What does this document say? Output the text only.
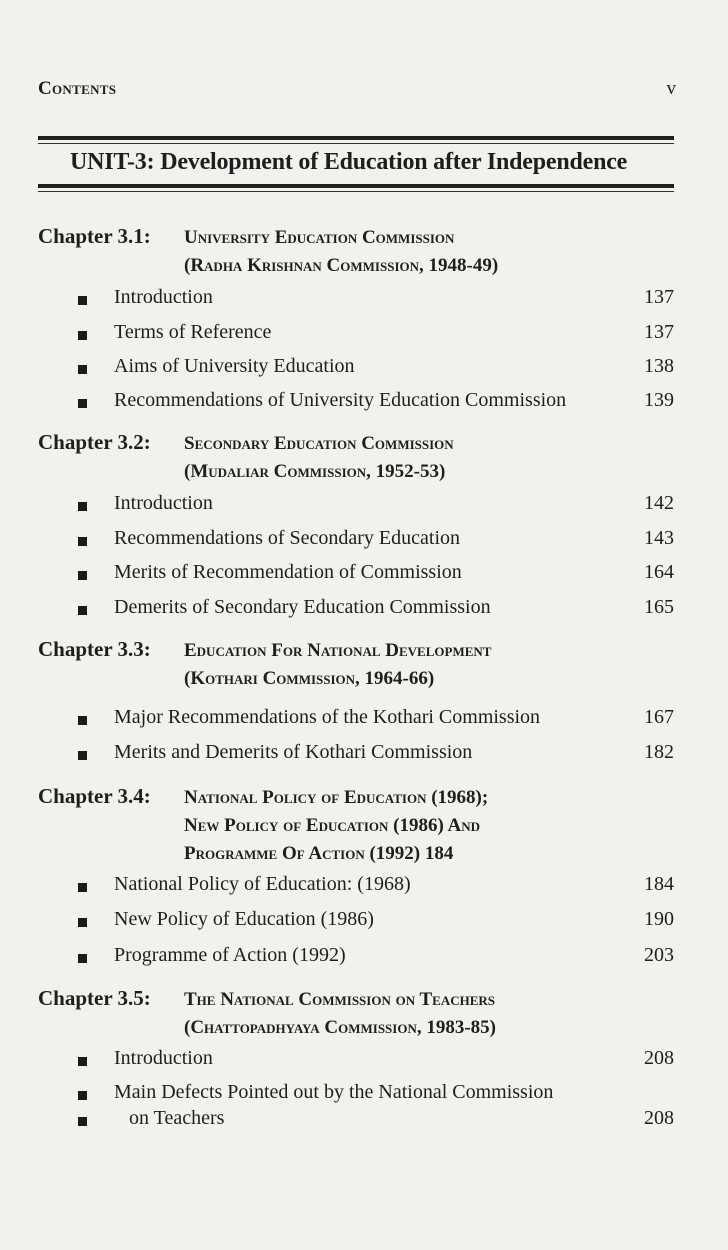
Contents	v
UNIT-3: Development of Education after Independence
Chapter 3.1: University Education Commission
(Radha Krishnan Commission, 1948-49)
Introduction	137
Terms of Reference	137
Aims of University Education	138
Recommendations of University Education Commission	139
Chapter 3.2: Secondary Education Commission
(Mudaliar Commission, 1952-53)
Introduction	142
Recommendations of Secondary Education	143
Merits of Recommendation of Commission	164
Demerits of Secondary Education Commission	165
Chapter 3.3: Education For National Development
(Kothari Commission, 1964-66)
Major Recommendations of the Kothari Commission	167
Merits and Demerits of Kothari Commission	182
Chapter 3.4: National Policy of Education (1968);
New Policy of Education (1986) And
Programme Of Action (1992) 184
National Policy of Education: (1968)	184
New Policy of Education (1986)	190
Programme of Action (1992)	203
Chapter 3.5: The National Commission on Teachers
(Chattopadhyaya Commission, 1983-85)
Introduction	208
Main Defects Pointed out by the National Commission
on Teachers	208
